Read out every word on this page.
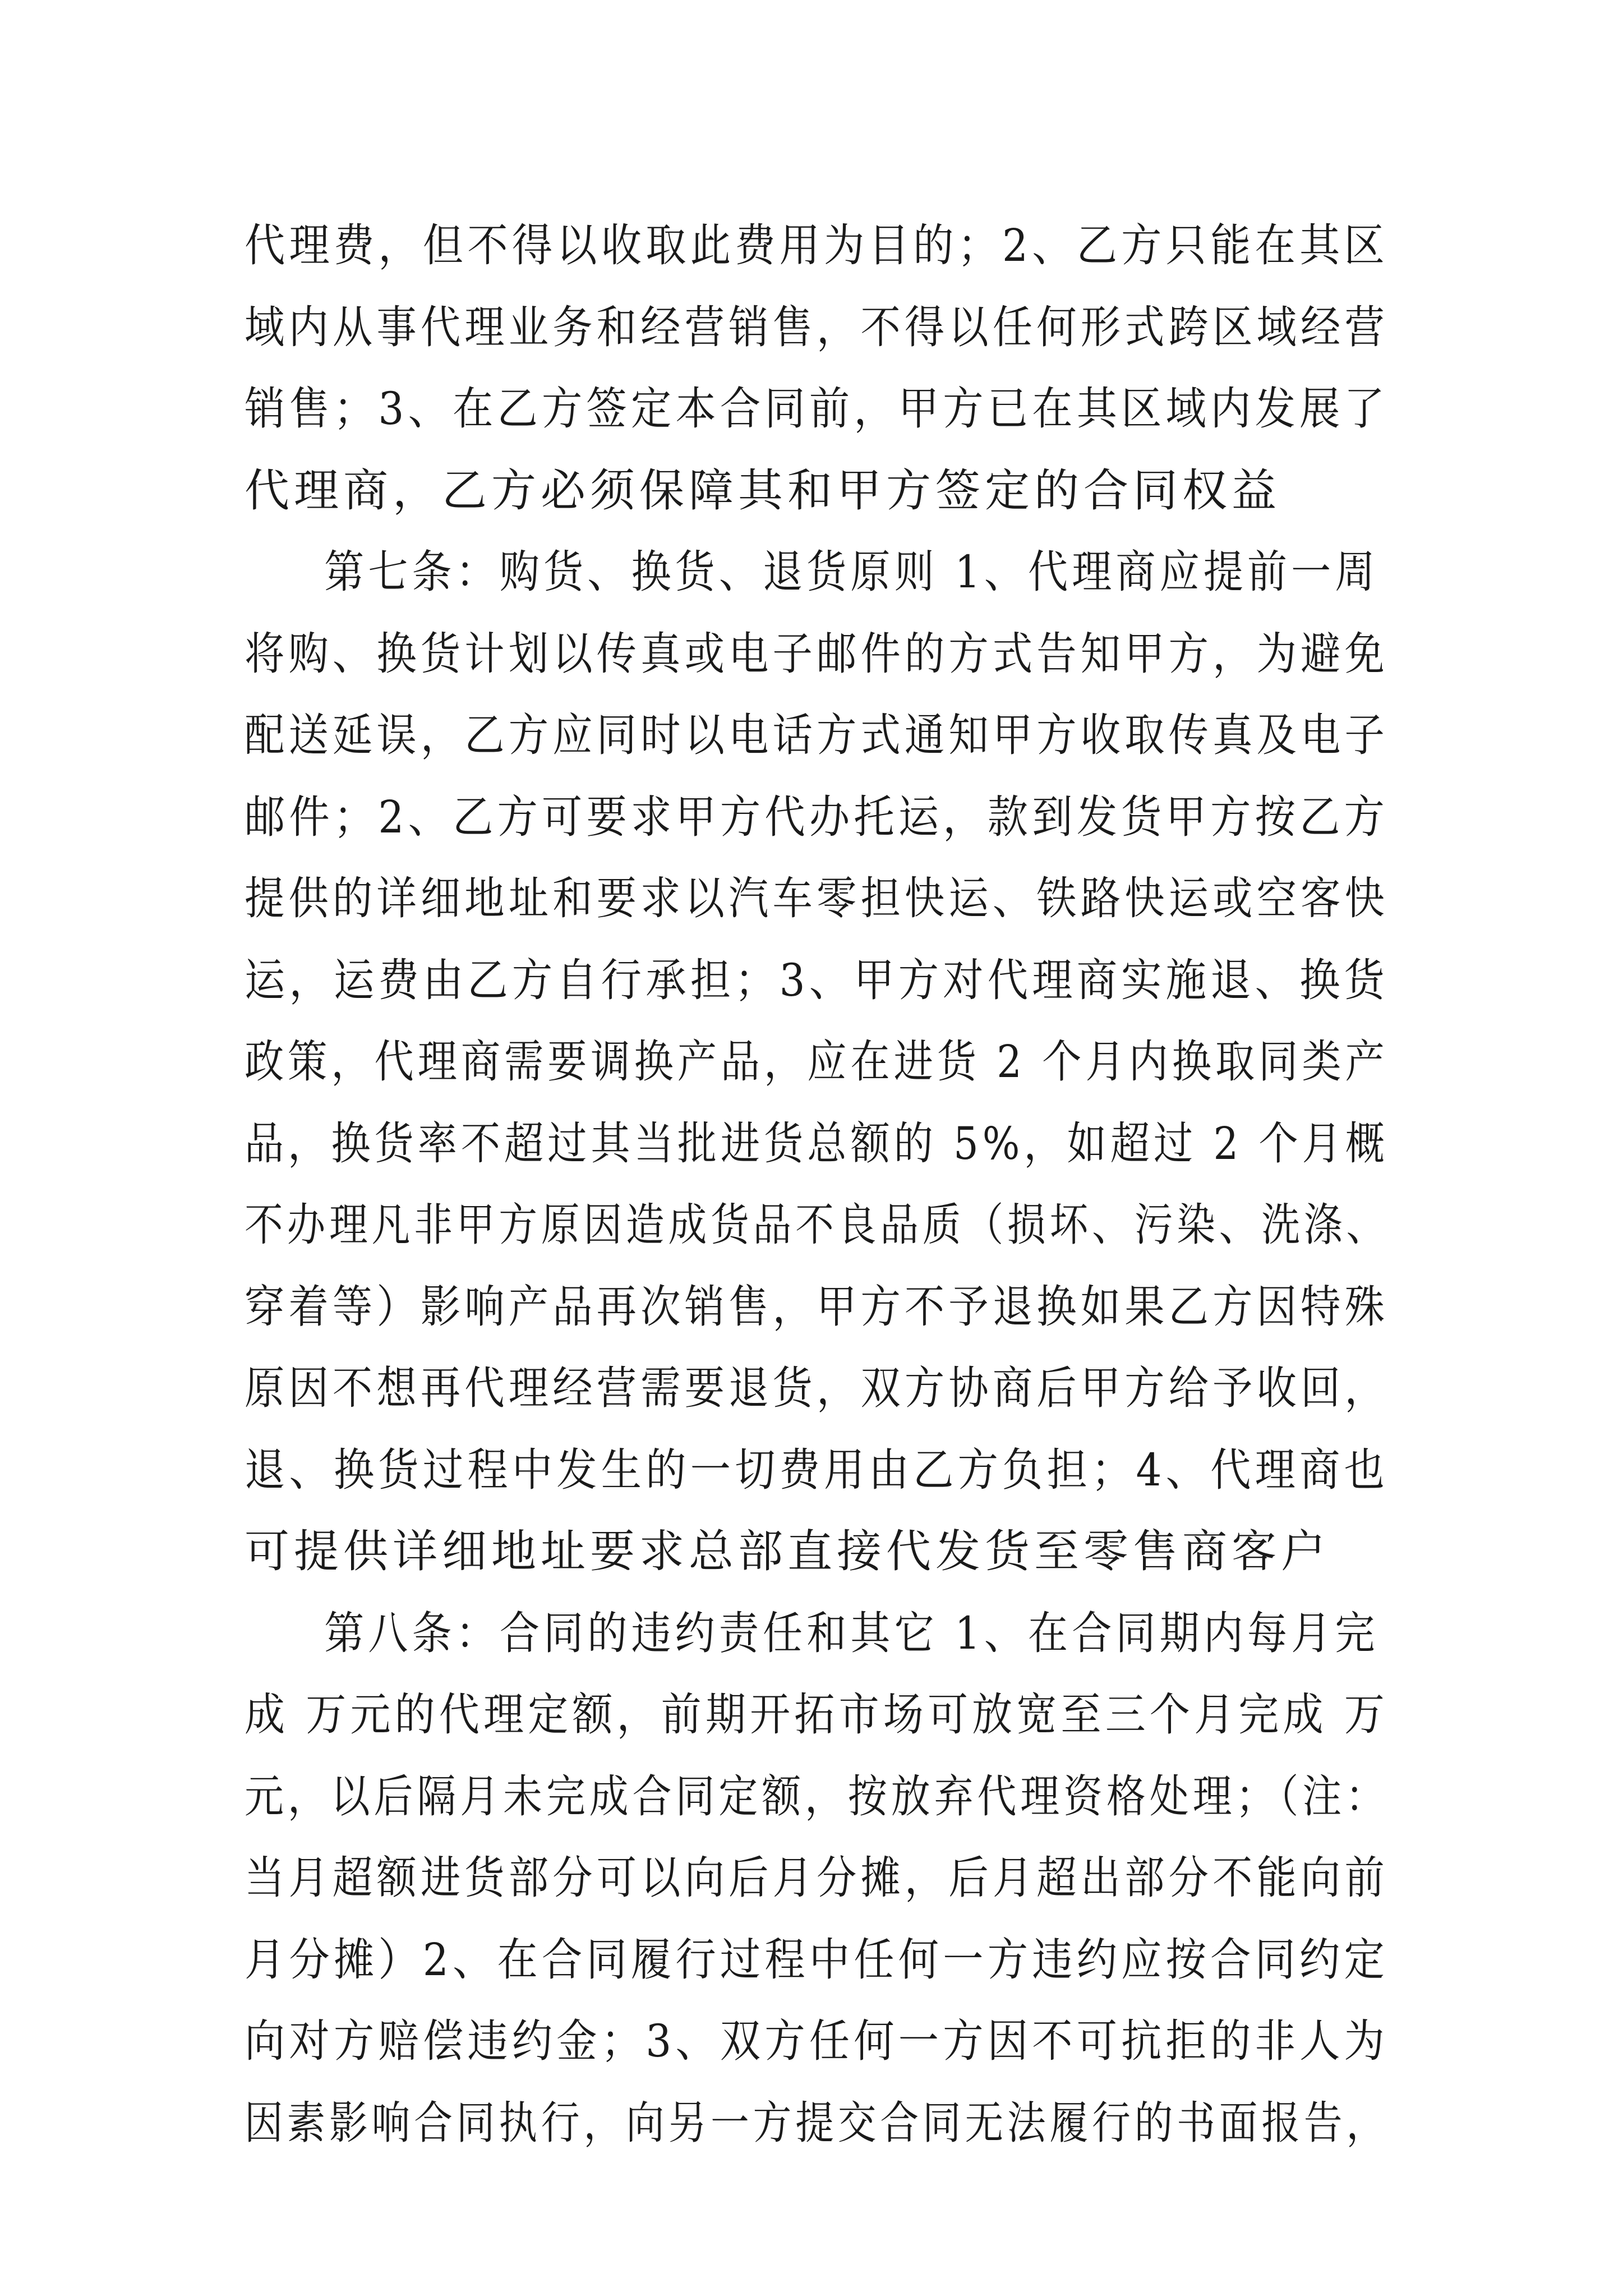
代理费，但不得以收取此费用为目的；2、乙方只能在其区
域内从事代理业务和经营销售，不得以任何形式跨区域经营
销售；3、在乙方签定本合同前，甲方已在其区域内发展了
代理商，乙方必须保障其和甲方签定的合同权益
第七条：购货、换货、退货原则 1、代理商应提前一周
将购、换货计划以传真或电子邮件的方式告知甲方，为避免
配送延误，乙方应同时以电话方式通知甲方收取传真及电子
邮件；2、乙方可要求甲方代办托运，款到发货甲方按乙方
提供的详细地址和要求以汽车零担快运、铁路快运或空客快
运，运费由乙方自行承担；3、甲方对代理商实施退、换货
政策，代理商需要调换产品，应在进货 2 个月内换取同类产
品，换货率不超过其当批进货总额的 5%，如超过 2 个月概
不办理凡非甲方原因造成货品不良品质（损坏、污染、洗涤、
穿着等）影响产品再次销售，甲方不予退换如果乙方因特殊
原因不想再代理经营需要退货，双方协商后甲方给予收回，
退、换货过程中发生的一切费用由乙方负担；4、代理商也
可提供详细地址要求总部直接代发货至零售商客户
第八条：合同的违约责任和其它 1、在合同期内每月完
成 万元的代理定额，前期开拓市场可放宽至三个月完成 万
元，以后隔月未完成合同定额，按放弃代理资格处理；（注：
当月超额进货部分可以向后月分摊，后月超出部分不能向前
月分摊）2、在合同履行过程中任何一方违约应按合同约定
向对方赔偿违约金；3、双方任何一方因不可抗拒的非人为
因素影响合同执行，向另一方提交合同无法履行的书面报告，
